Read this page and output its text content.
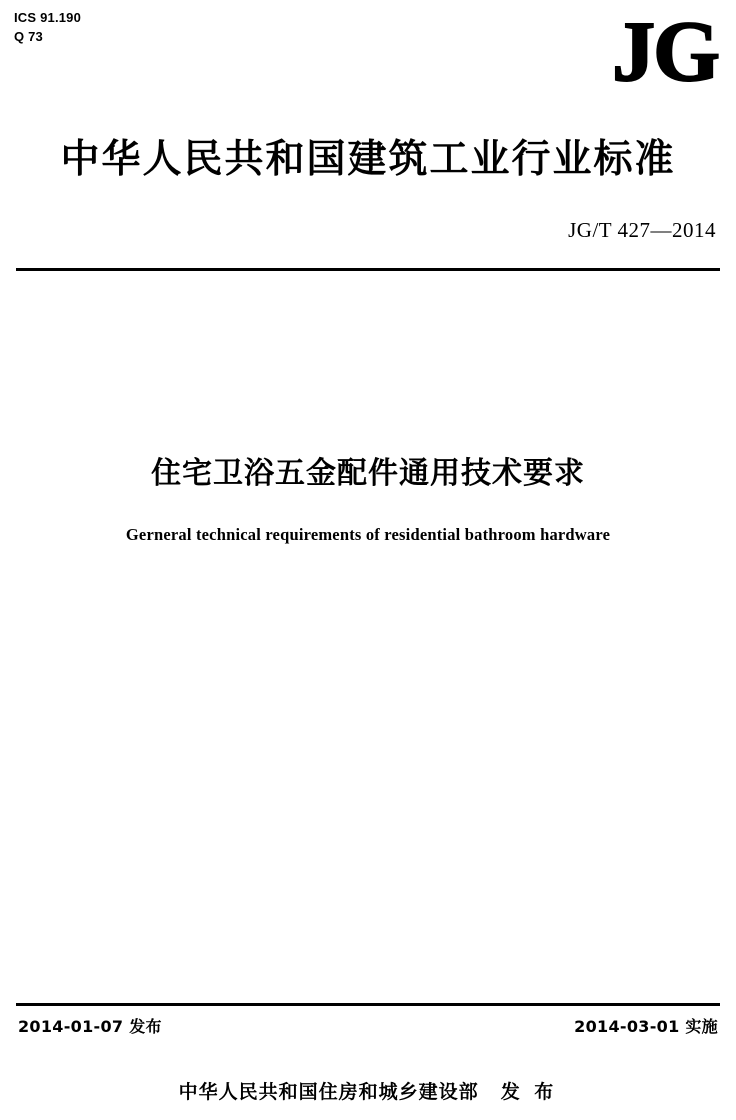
ICS 91.190
Q 73	JG
中华人民共和国建筑工业行业标准
JG/T 427—2014
住宅卫浴五金配件通用技术要求
Gerneral technical requirements of residential bathroom hardware
2014-01-07 发布	2014-03-01 实施
中华人民共和国住房和城乡建设部 发 布
